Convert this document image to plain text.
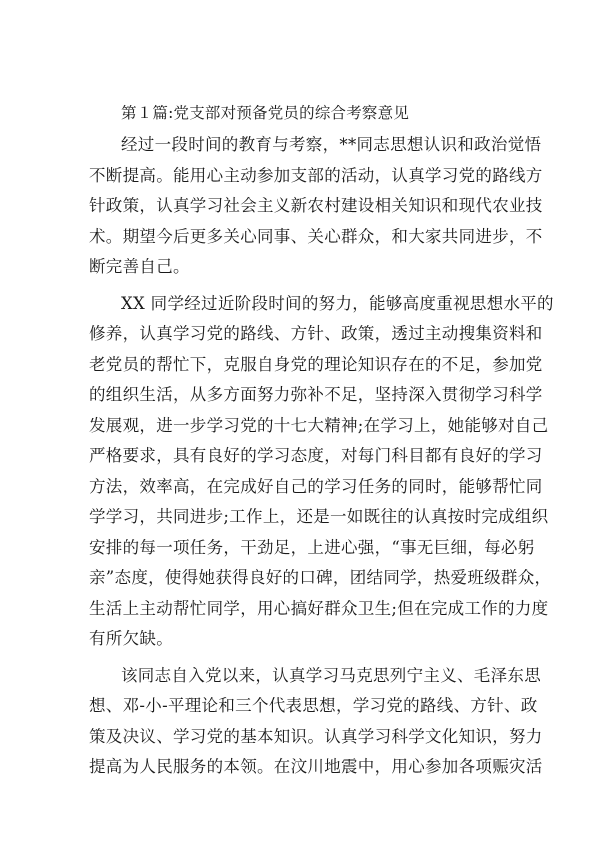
第１篇:党支部对预备党员的综合考察意见
经过一段时间的教育与考察，**同志思想认识和政治觉悟
不断提高。能用心主动参加支部的活动，认真学习党的路线方
针政策，认真学习社会主义新农村建设相关知识和现代农业技
术。期望今后更多关心同事、关心群众，和大家共同进步，不
断完善自己。
XX 同学经过近阶段时间的努力，能够高度重视思想水平的
修养，认真学习党的路线、方针、政策，透过主动搜集资料和
老党员的帮忙下，克服自身党的理论知识存在的不足，参加党
的组织生活，从多方面努力弥补不足，坚持深入贯彻学习科学
发展观，进一步学习党的十七大精神;在学习上，她能够对自己
严格要求，具有良好的学习态度，对每门科目都有良好的学习
方法，效率高，在完成好自己的学习任务的同时，能够帮忙同
学学习，共同进步;工作上，还是一如既往的认真按时完成组织
安排的每一项任务，干劲足，上进心强，“事无巨细，每必躬
亲”态度，使得她获得良好的口碑，团结同学，热爱班级群众，
生活上主动帮忙同学，用心搞好群众卫生;但在完成工作的力度
有所欠缺。
该同志自入党以来，认真学习马克思列宁主义、毛泽东思
想、邓-小-平理论和三个代表思想，学习党的路线、方针、政
策及决议、学习党的基本知识。认真学习科学文化知识，努力
提高为人民服务的本领。在汶川地震中，用心参加各项赈灾活
